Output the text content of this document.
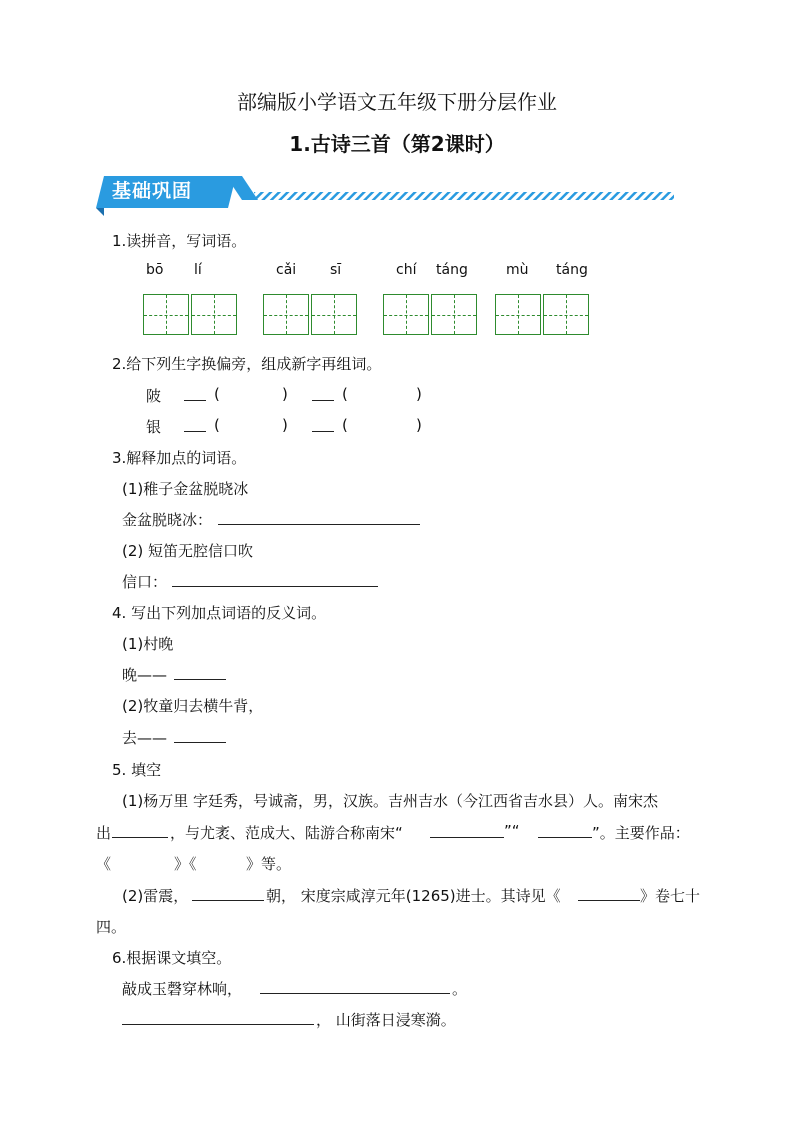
部编版小学语文五年级下册分层作业
1.古诗三首（第2课时）
基础巩固
1.读拼音，写词语。
bō lí	cǎi sī	chí táng	mù táng
2.给下列生字换偏旁，组成新字再组词。
陂	(	)	(	)
银	(	)	(	)
3.解释加点的词语。
(1)稚子金盆脱晓冰
金盆脱晓冰：
(2) 短笛无腔信口吹
信口：
4. 写出下列加点词语的反义词。
(1)村晚
晚——
(2)牧童归去横牛背，
去——
5. 填空
(1)杨万里 字廷秀，号诚斋，男，汉族。吉州吉水（今江西省吉水县）人。南宋杰
出	，与尤袤、范成大、陆游合称南宋“	”“	”。主要作品：
《	》《	》等。
(2)雷震，	朝， 宋度宗咸淳元年(1265)进士。其诗见《	》卷七十
四。
6.根据课文填空。
敲成玉磬穿林响，	。
， 山街落日浸寒漪。
